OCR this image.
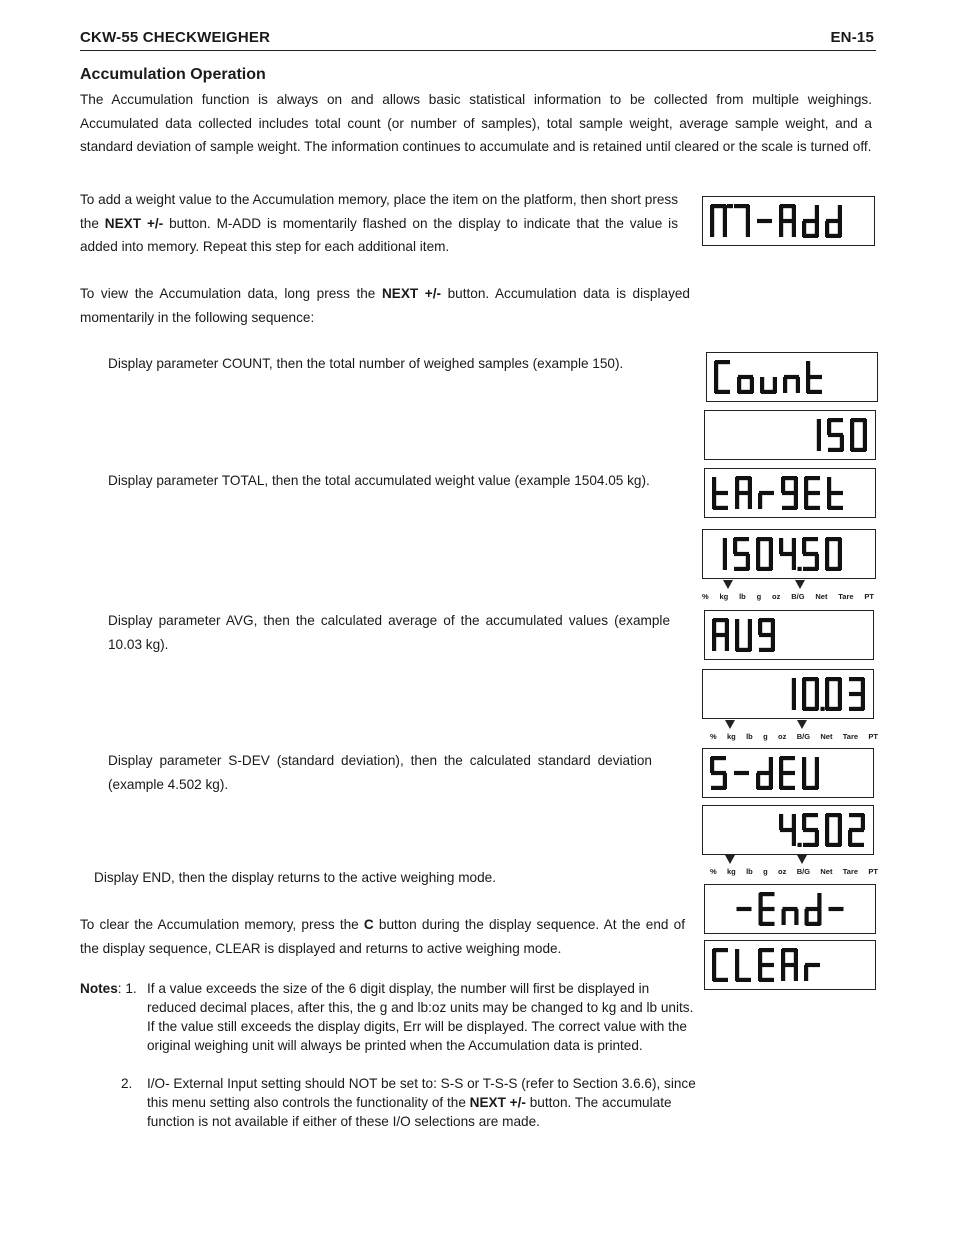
CKW-55 CHECKWEIGHER	EN-15
Accumulation Operation

The Accumulation function is always on and allows basic statistical information to be collected from multiple weighings. Accumulated data collected includes total count (or number of samples), total sample weight, average sample weight, and a standard deviation of sample weight. The information continues to accumulate and is retained until cleared or the scale is turned off.

To add a weight value to the Accumulation memory, place the item on the platform, then short press the NEXT +/- button. M-ADD is momentarily flashed on the display to indicate that the value is added into memory. Repeat this step for each additional item.

To view the Accumulation data, long press the NEXT +/- button. Accumulation data is displayed momentarily in the following sequence:

Display parameter COUNT, then the total number of weighed samples (example 150).

Display parameter TOTAL, then the total accumulated weight value (example 1504.05 kg).

Display parameter AVG, then the calculated average of the accumulated values (example 10.03 kg).

Display parameter S-DEV (standard deviation), then the calculated standard deviation (example 4.502 kg).

Display END, then the display returns to the active weighing mode.

To clear the Accumulation memory, press the C button during the display sequence. At the end of the display sequence, CLEAR is displayed and returns to active weighing mode.

Notes: 1. If a value exceeds the size of the 6 digit display, the number will first be displayed in reduced decimal places, after this, the g and lb:oz units may be changed to kg and lb units. If the value still exceeds the display digits, Err will be displayed. The correct value with the original weighing unit will always be printed when the Accumulation data is printed.
2. I/O- External Input setting should NOT be set to: S-S or T-S-S (refer to Section 3.6.6), since this menu setting also controls the functionality of the NEXT +/- button. The accumulate function is not available if either of these I/O selections are made.
% kg lb g oz B/G Net Tare PT
% kg lb g oz B/G Net Tare PT
% kg lb g oz B/G Net Tare PT
